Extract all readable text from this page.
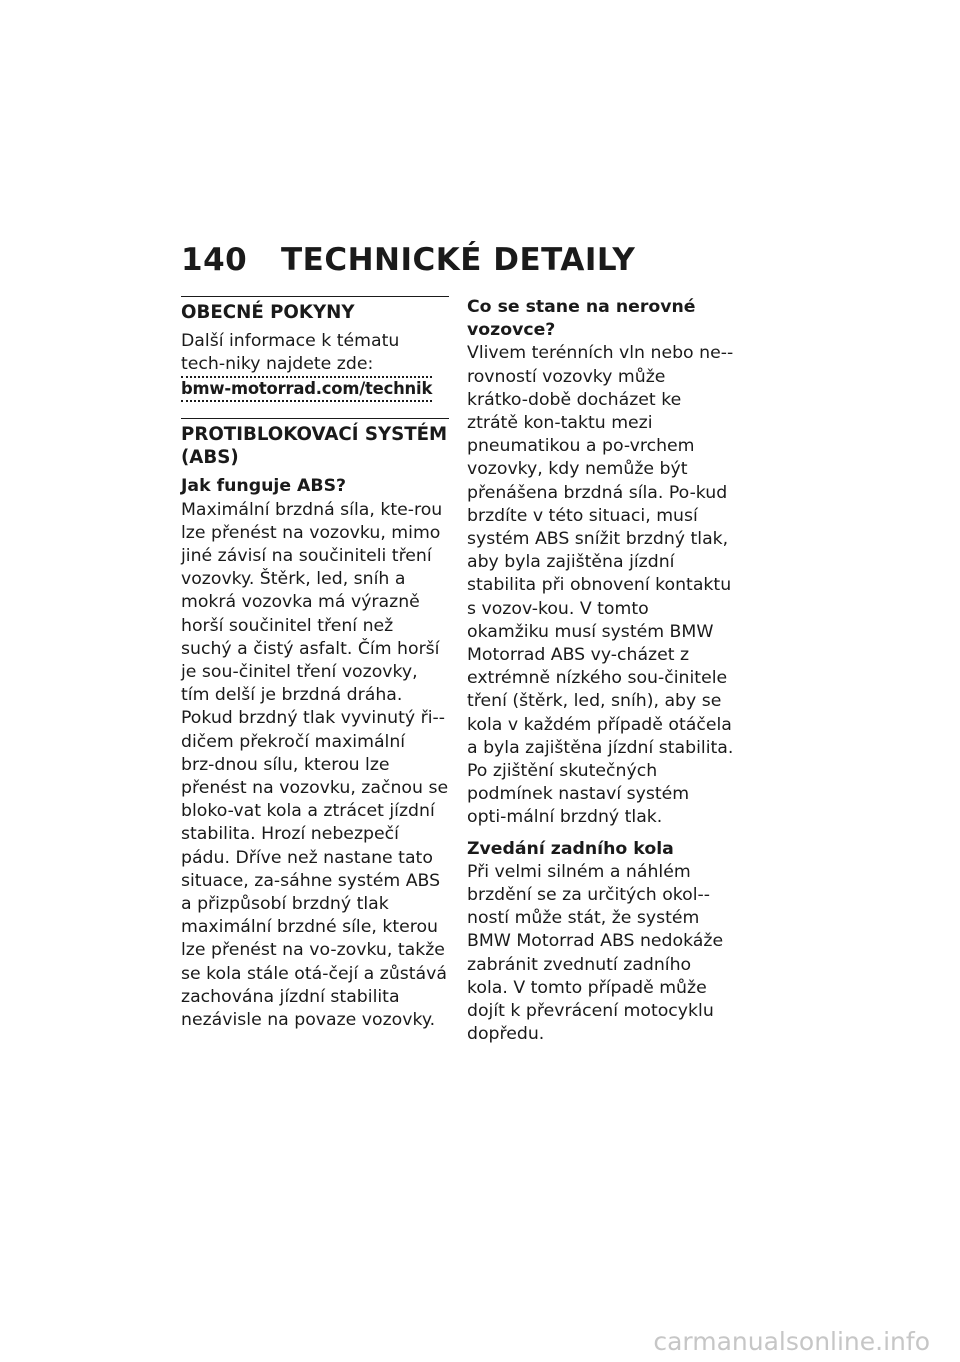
140 TECHNICKÉ DETAILY
OBECNÉ POKYNY

Další informace k tématu tech-niky najdete zde:

bmw-motorrad.com/technik
PROTIBLOKOVACÍ SYSTÉM (ABS)
Jak funguje ABS?

Maximální brzdná síla, kte-rou lze přenést na vozovku, mimo jiné závisí na součiniteli tření vozovky. Štěrk, led, sníh a mokrá vozovka má výrazně horší součinitel tření než suchý a čistý asfalt. Čím horší je sou-činitel tření vozovky, tím delší je brzdná dráha.

Pokud brzdný tlak vyvinutý ři-dičem překročí maximální brz-dnou sílu, kterou lze přenést na vozovku, začnou se bloko-vat kola a ztrácet jízdní stabilita. Hrozí nebezpečí pádu. Dříve než nastane tato situace, za-sáhne systém ABS a přizpůsobí brzdný tlak maximální brzdné síle, kterou lze přenést na vo-zovku, takže se kola stále otá-čejí a zůstává zachována jízdní stabilita nezávisle na povaze vozovky.

Co se stane na nerovné vozovce?

Vlivem terénních vln nebo ne-rovností vozovky může krátko-době docházet ke ztrátě kon-taktu mezi pneumatikou a po-vrchem vozovky, kdy nemůže být přenášena brzdná síla. Po-kud brzdíte v této situaci, musí systém ABS snížit brzdný tlak, aby byla zajištěna jízdní stabilita při obnovení kontaktu s vozov-kou. V tomto okamžiku musí systém BMW Motorrad ABS vy-cházet z extrémně nízkého sou-činitele tření (štěrk, led, sníh), aby se kola v každém případě otáčela a byla zajištěna jízdní stabilita. Po zjištění skutečných podmínek nastaví systém opti-mální brzdný tlak.

Zvedání zadního kola

Při velmi silném a náhlém brzdění se za určitých okol-ností může stát, že systém BMW Motorrad ABS nedokáže zabránit zvednutí zadního kola. V tomto případě může dojít k převrácení motocyklu dopředu.

carmanualsonline.info
